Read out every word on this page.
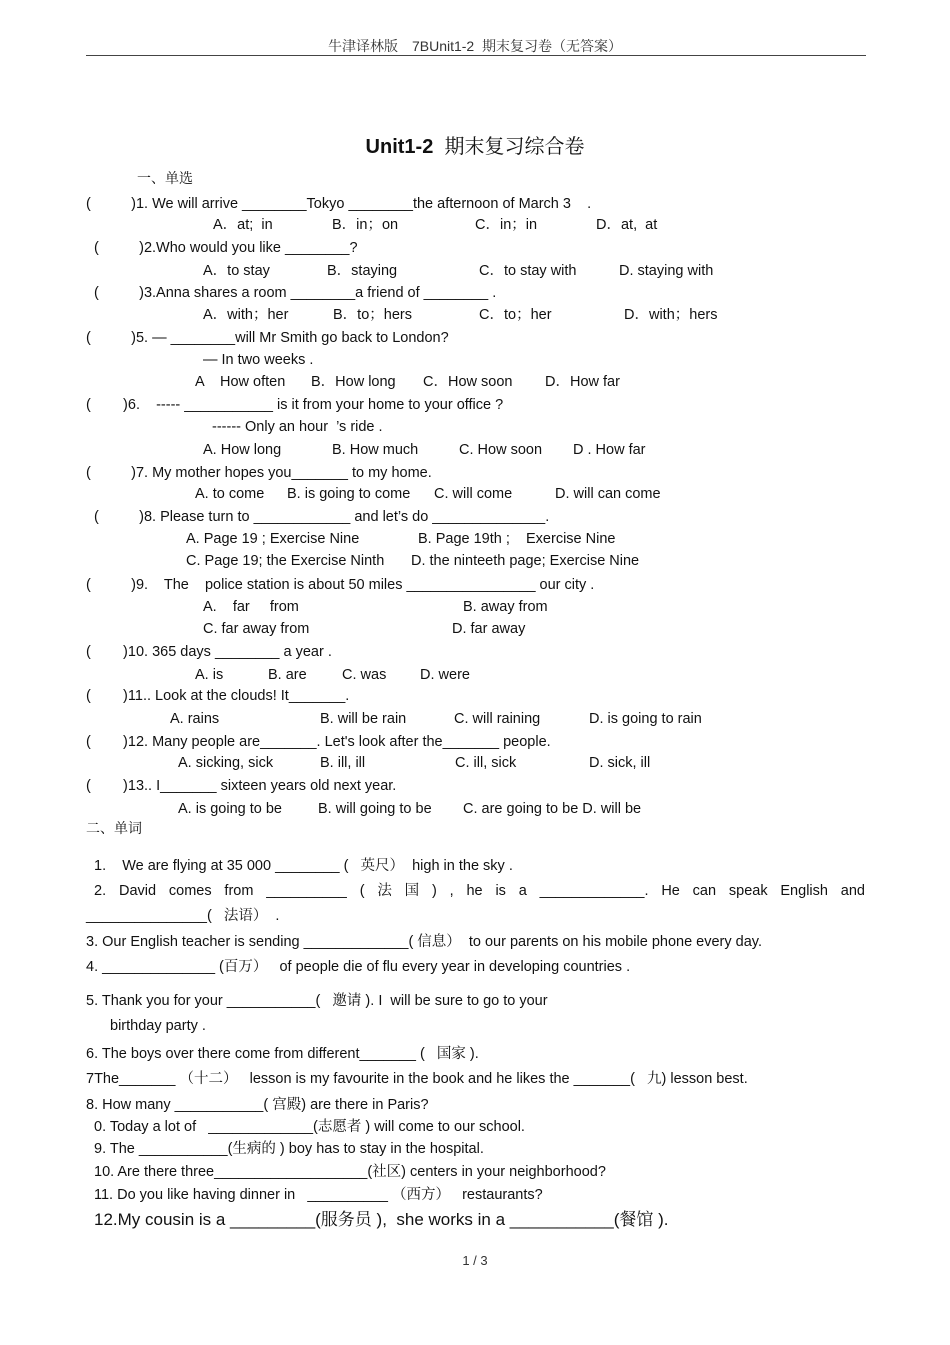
牛津译林版　7BUnit1-2  期末复习卷（无答案）
Unit1-2 期末复习综合卷
一、单选
(          )1. We will arrive ________Tokyo ________the afternoon of March 3    .
A．at;  in	B．in；on	C．in；in	D．at,  at
(          )2.Who would you like ________?
A．to stay	B．staying	C．to stay with	D. staying with
(          )3.Anna shares a room ________a friend of ________ .
A．with；her	B．to；hers	C．to；her	D．with；hers
(          )5. — ________will Mr Smith go back to London?
— In two weeks .
A    How often B．How long C．How soon D．How far
(        )6.    ----- ___________ is it from your home to your office ?
------ Only an hour  ’s ride .
A. How long	B. How much	C. How soon D . How far
(          )7. My mother hopes you_______ to my home.
A. to come B. is going to come C. will come	D. will can come
(          )8. Please turn to ____________ and let’s do ______________.
A. Page 19 ; Exercise Nine	B. Page 19th ;    Exercise Nine
C. Page 19; the Exercise Ninth D. the ninteeth page; Exercise Nine
(          )9.    The    police station is about 50 miles ________________ our city .
A.    far     from	B. away from
C. far away from	D. far away
(        )10. 365 days ________ a year .
A. is	B. are C. was D. were
(        )11.. Look at the clouds! It_______.
A. rains	B. will be rain	C. will raining	D. is going to rain
(        )12. Many people are_______. Let's look after the_______ people.
A. sicking, sick	B. ill, ill	C. ill, sick	D. sick, ill
(        )13.. I_______ sixteen years old next year.
A. is going to be B. will going to be C. are going to be D. will be
二、单词
1.    We are flying at 35 000 ________ (   英尺）  high in the sky .
David comes from __________ ( 法 国 ) , he is a _____________. He can speak English and
2.
_______________(   法语）  .
3. Our English teacher is sending _____________( 信息）  to our parents on his mobile phone every day.
4. ______________ (百万）   of people die of flu every year in developing countries .
5. Thank you for your ___________(   邀请 ). I  will be sure to go to your
birthday party .
6. The boys over there come from different_______ (   国家 ).
7The_______ （十二）   lesson is my favourite in the book and he likes the _______(   九) lesson best.
8. How many ___________( 宫殿) are there in Paris?
0. Today a lot of   _____________(志愿者 ) will come to our school.
9. The ___________(生病的 ) boy has to stay in the hospital.
10. Are there three___________________(社区) centers in your neighborhood?
11. Do you like having dinner in   __________ （西方）   restaurants?
12.My cousin is a _________(服务员 ),  she works in a ___________(餐馆 ).
1 / 3
